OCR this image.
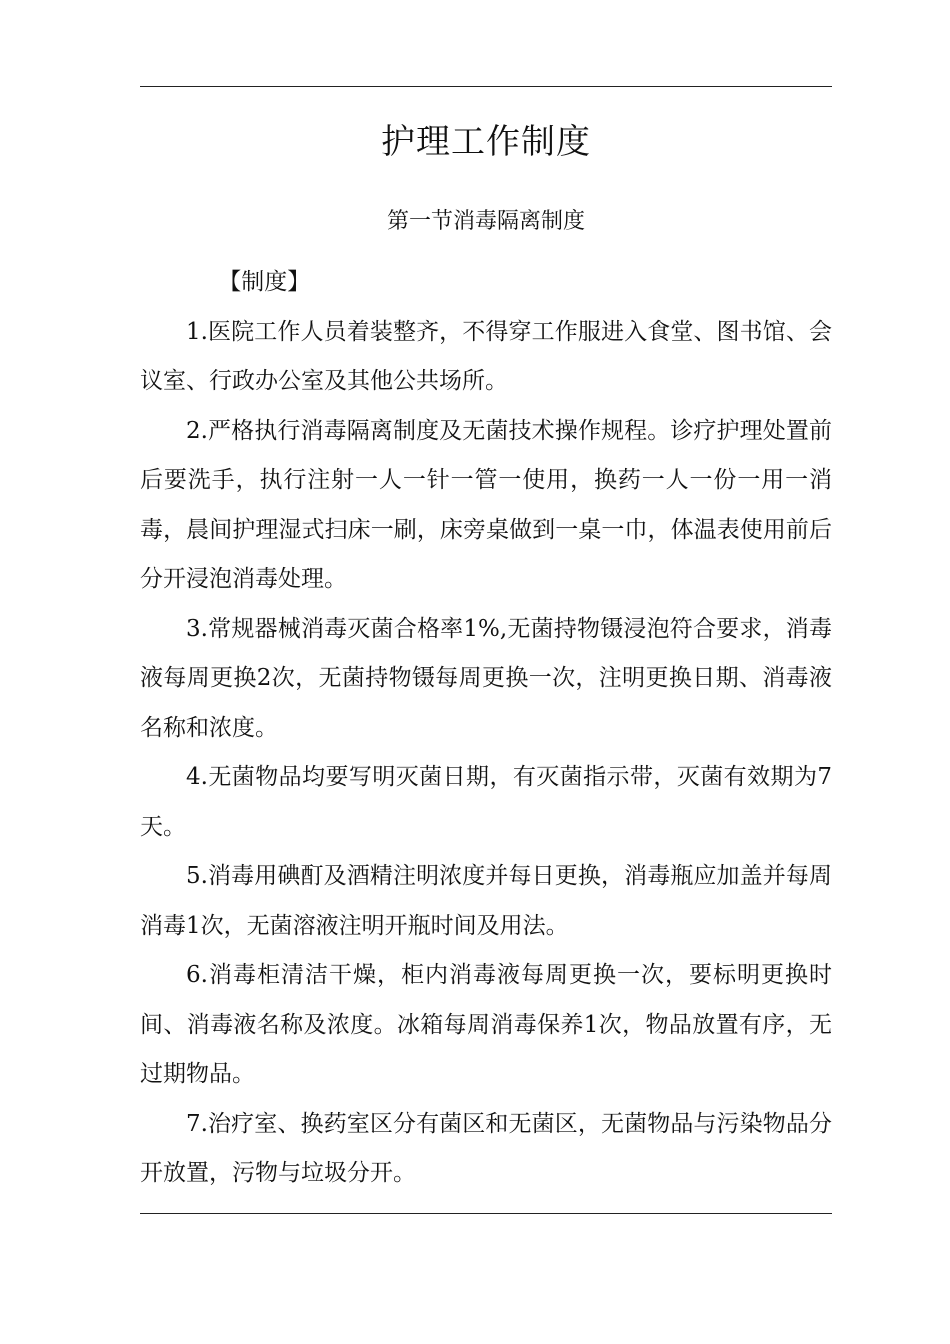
护理工作制度
第一节消毒隔离制度

【制度】

1.医院工作人员着装整齐，不得穿工作服进入食堂、图书馆、会议室、行政办公室及其他公共场所。

2.严格执行消毒隔离制度及无菌技术操作规程。诊疗护理处置前后要洗手，执行注射一人一针一管一使用，换药一人一份一用一消毒，晨间护理湿式扫床一刷，床旁桌做到一桌一巾，体温表使用前后分开浸泡消毒处理。

3.常规器械消毒灭菌合格率1%,无菌持物镊浸泡符合要求，消毒液每周更换2次，无菌持物镊每周更换一次，注明更换日期、消毒液名称和浓度。

4.无菌物品均要写明灭菌日期，有灭菌指示带，灭菌有效期为7天。

5.消毒用碘酊及酒精注明浓度并每日更换，消毒瓶应加盖并每周消毒1次，无菌溶液注明开瓶时间及用法。

6.消毒柜清洁干燥，柜内消毒液每周更换一次，要标明更换时间、消毒液名称及浓度。冰箱每周消毒保养1次，物品放置有序，无过期物品。

7.治疗室、换药室区分有菌区和无菌区，无菌物品与污染物品分开放置，污物与垃圾分开。
